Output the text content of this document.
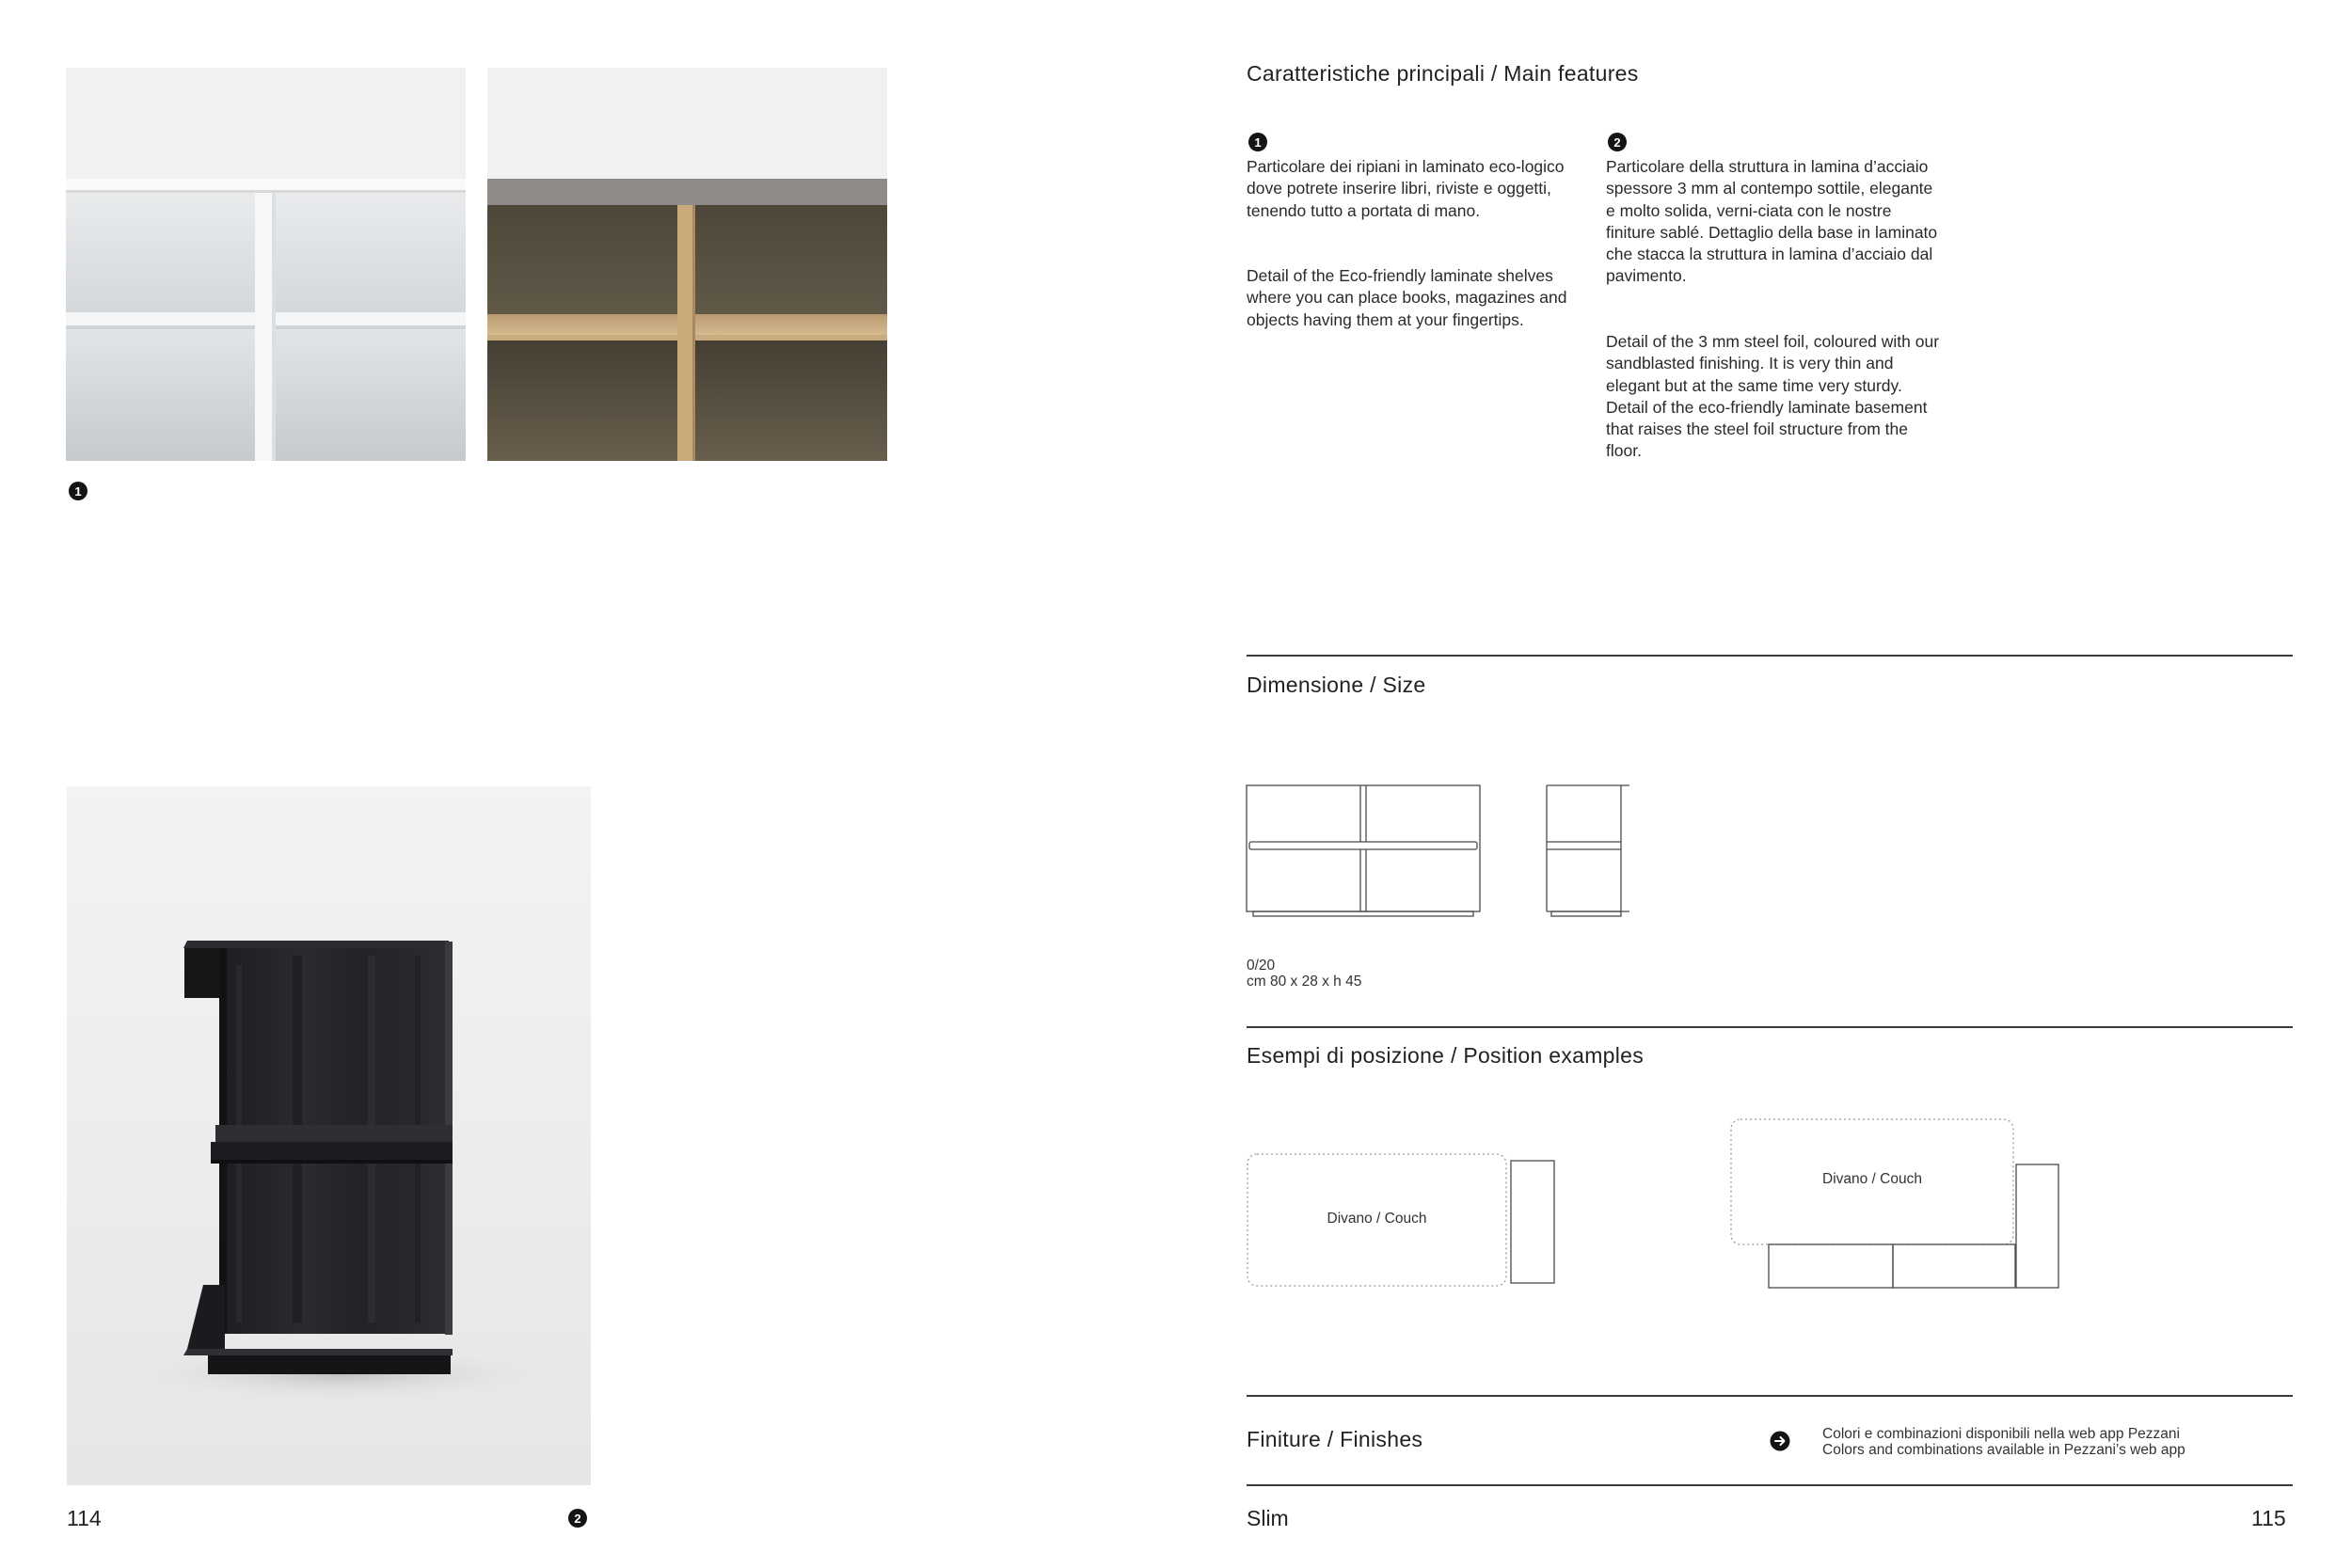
1
2
114
Caratteristiche principali / Main features
1

Particolare dei ripiani in laminato eco-logico dove potrete inserire libri, riviste e oggetti, tenendo tutto a portata di mano.

Detail of the Eco-friendly laminate shelves where you can place books, magazines and objects having them at your fingertips.

2

Particolare della struttura in lamina d’acciaio spessore 3 mm al contempo sottile, elegante e molto solida, verni-ciata con le nostre finiture sablé. Dettaglio della base in laminato che stacca la struttura in lamina d’acciaio dal pavimento.

Detail of the 3 mm steel foil, coloured with our sandblasted finishing. It is very thin and elegant but at the same time very sturdy. Detail of the eco-friendly laminate basement that raises the steel foil structure from the floor.

Dimensione / Size
0/20
cm 80 x 28 x h 45
Esempi di posizione / Position examples
Divano / Couch
Divano / Couch
Finiture / Finishes	Colori e combinazioni disponibili nella web app Pezzani
Colors and combinations available in Pezzani’s web app
Slim	115
